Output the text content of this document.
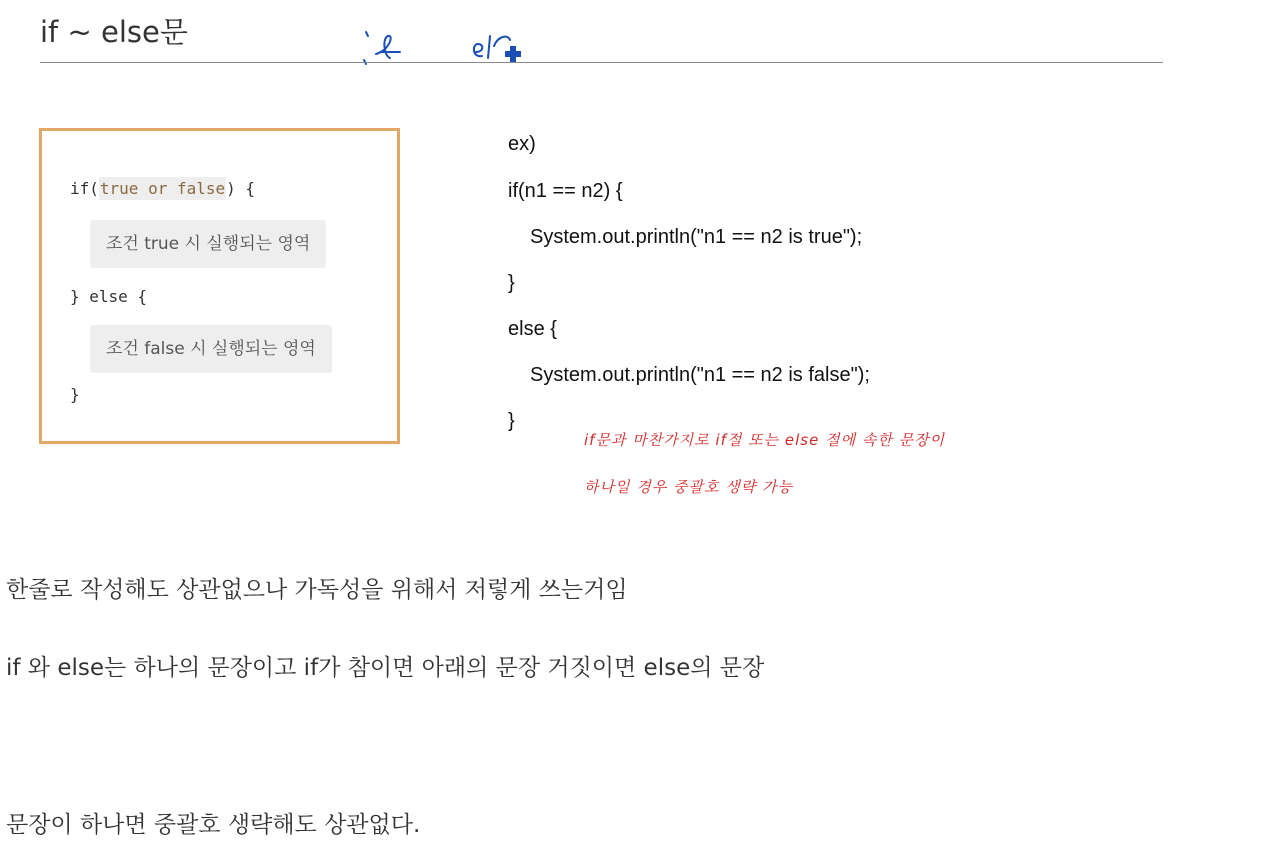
if ~ else문
if(true or false) {
조건 true 시 실행되는 영역
} else {
조건 false 시 실행되는 영역
}
ex)
if(n1 == n2) {
System.out.println("n1 == n2 is true");
}
else {
System.out.println("n1 == n2 is false");
}
if문과 마찬가지로 if절 또는 else 절에 속한 문장이
하나일 경우 중괄호 생략 가능
한줄로 작성해도 상관없으나 가독성을 위해서 저렇게 쓰는거임
if 와 else는 하나의 문장이고 if가 참이면 아래의 문장 거짓이면 else의 문장
문장이 하나면 중괄호 생략해도 상관없다.
